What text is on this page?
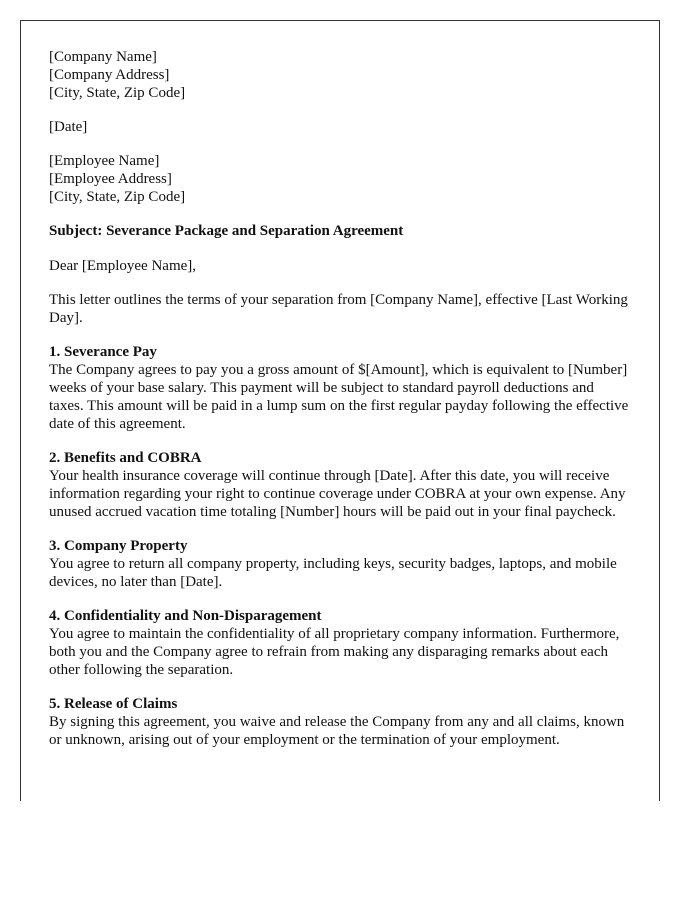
[Company Name]
[Company Address]
[City, State, Zip Code]

[Date]

[Employee Name]
[Employee Address]
[City, State, Zip Code]

Subject: Severance Package and Separation Agreement

Dear [Employee Name],

This letter outlines the terms of your separation from [Company Name], effective [Last Working Day].

1. Severance Pay
The Company agrees to pay you a gross amount of $[Amount], which is equivalent to [Number] weeks of your base salary. This payment will be subject to standard payroll deductions and taxes. This amount will be paid in a lump sum on the first regular payday following the effective date of this agreement.

2. Benefits and COBRA
Your health insurance coverage will continue through [Date]. After this date, you will receive information regarding your right to continue coverage under COBRA at your own expense. Any unused accrued vacation time totaling [Number] hours will be paid out in your final paycheck.

3. Company Property
You agree to return all company property, including keys, security badges, laptops, and mobile devices, no later than [Date].

4. Confidentiality and Non-Disparagement
You agree to maintain the confidentiality of all proprietary company information. Furthermore, both you and the Company agree to refrain from making any disparaging remarks about each other following the separation.

5. Release of Claims
By signing this agreement, you waive and release the Company from any and all claims, known or unknown, arising out of your employment or the termination of your employment.
